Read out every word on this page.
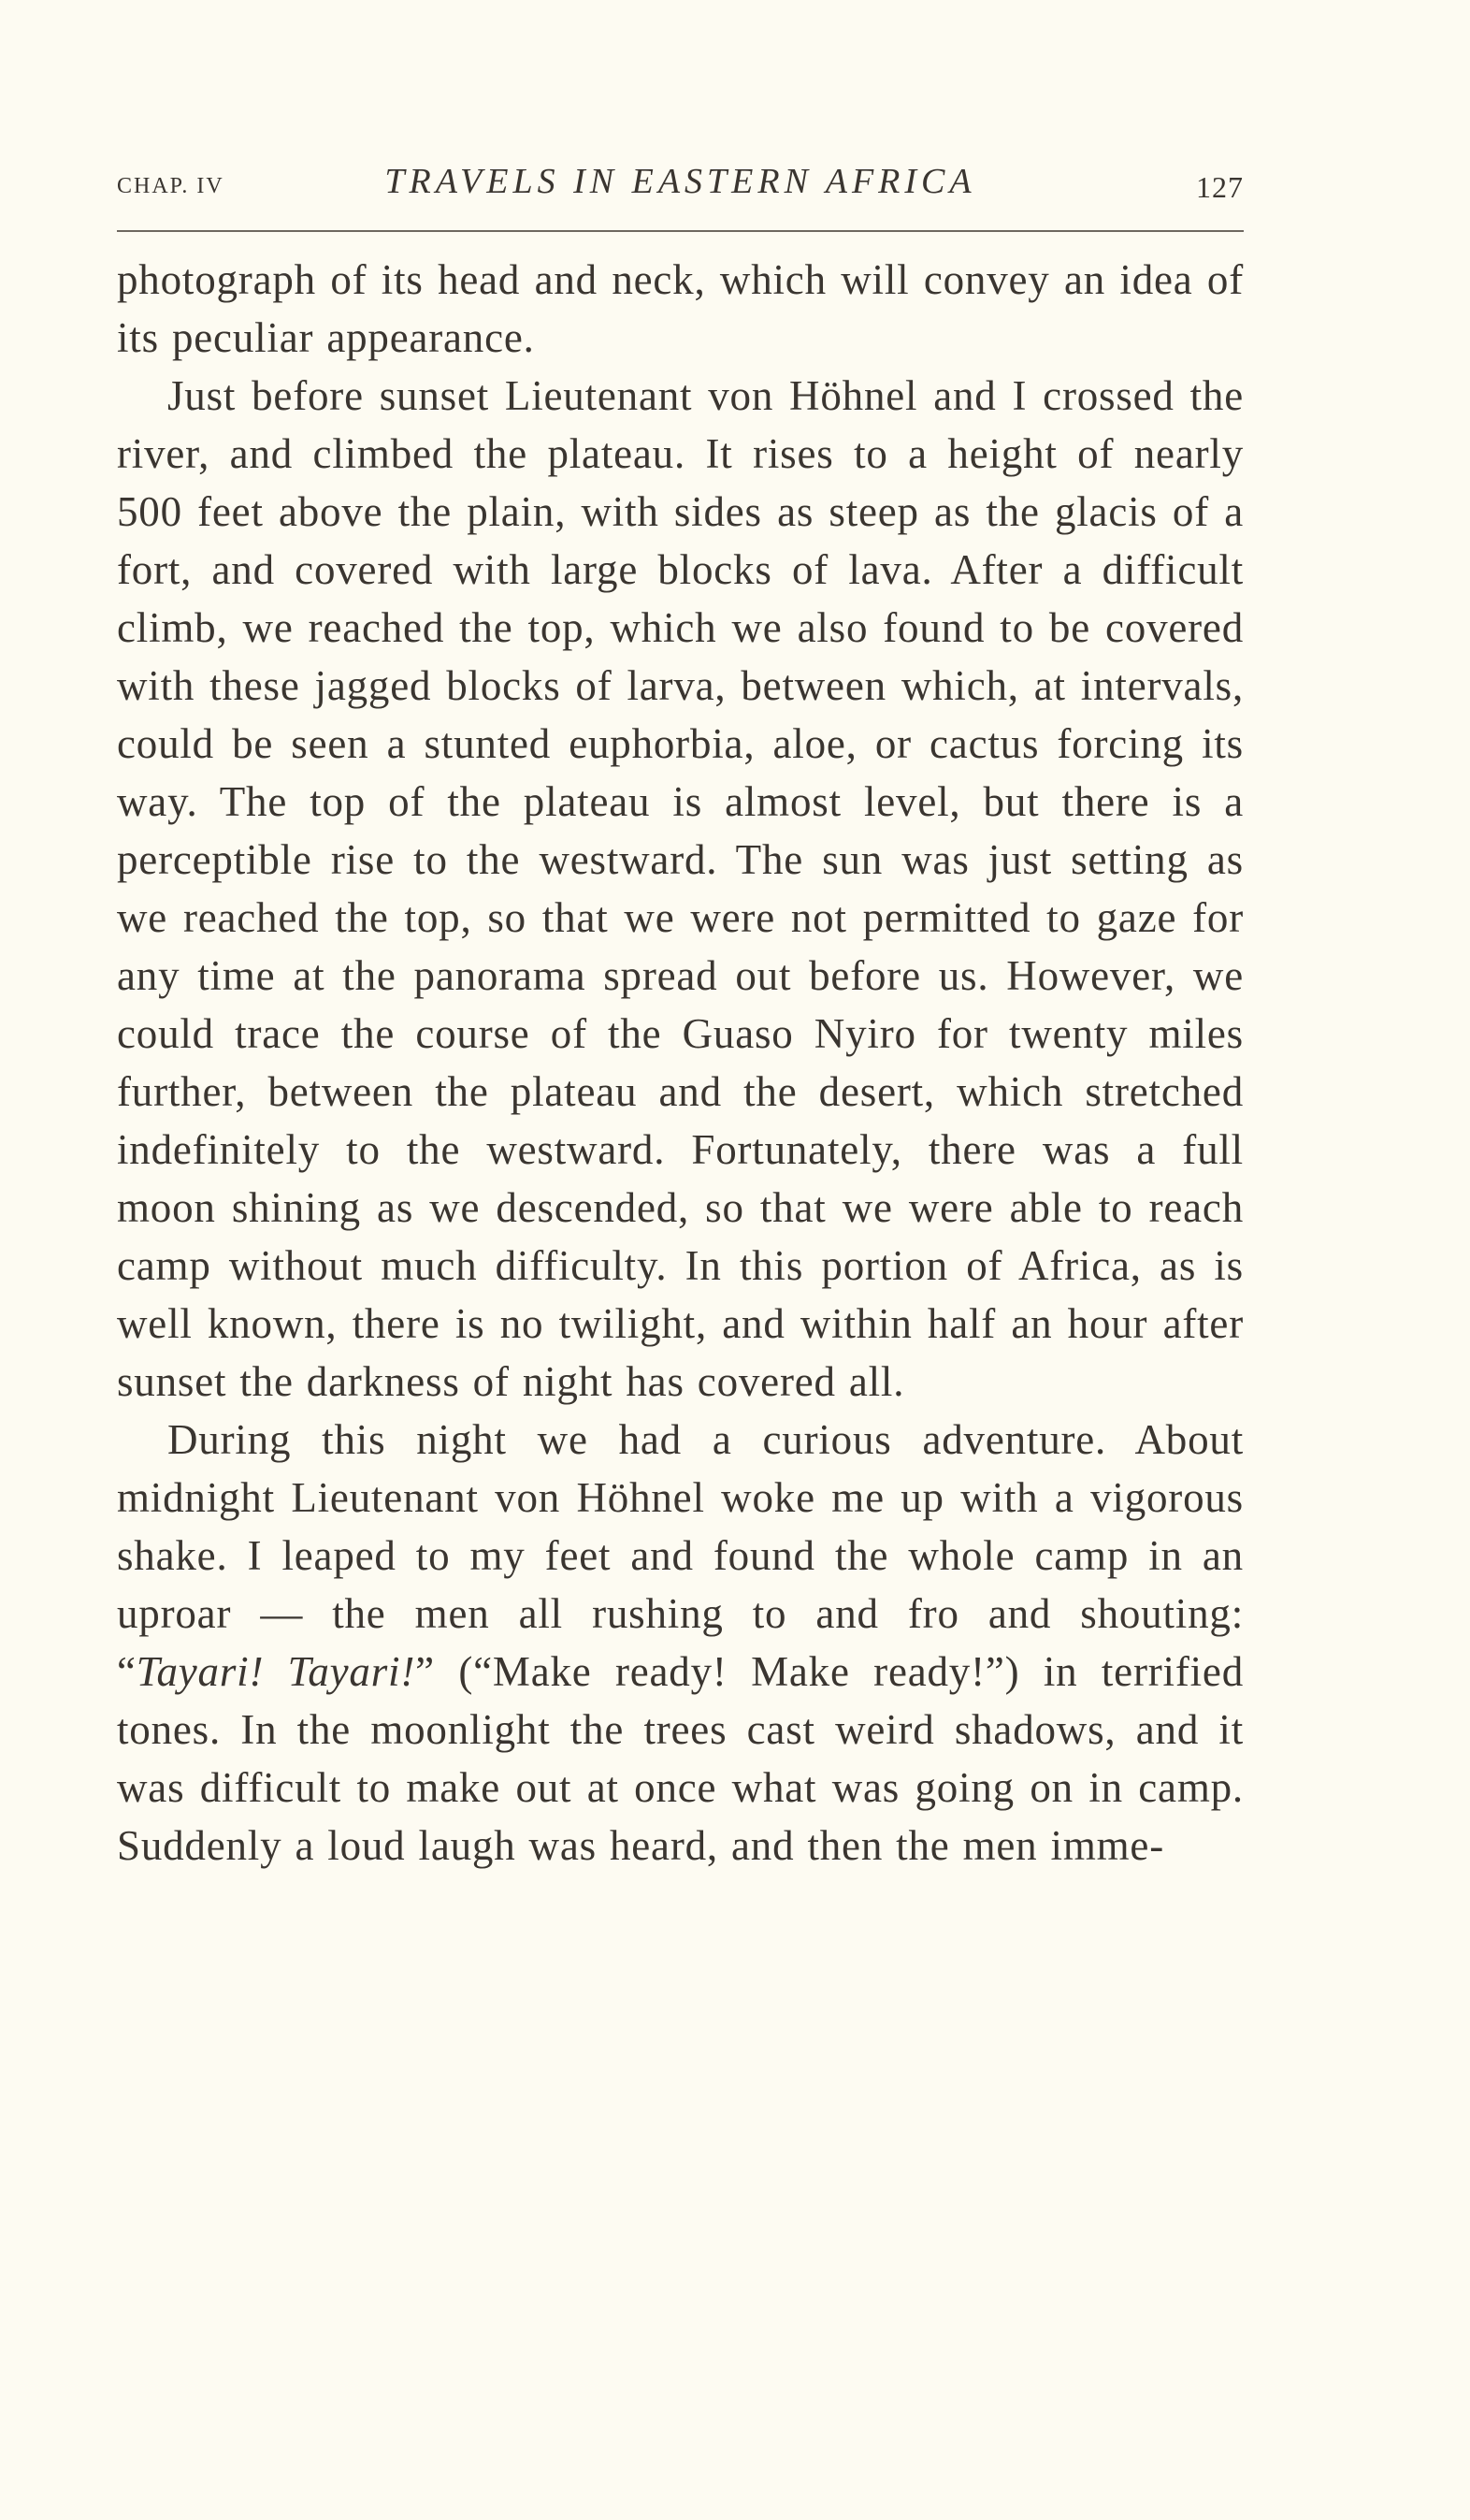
CHAP. IV	TRAVELS IN EASTERN AFRICA	127

photograph of its head and neck, which will convey an idea of its peculiar appearance.

Just before sunset Lieutenant von Höhnel and I crossed the river, and climbed the plateau. It rises to a height of nearly 500 feet above the plain, with sides as steep as the glacis of a fort, and covered with large blocks of lava. After a difficult climb, we reached the top, which we also found to be covered with these jagged blocks of larva, between which, at intervals, could be seen a stunted euphorbia, aloe, or cactus forcing its way. The top of the plateau is almost level, but there is a perceptible rise to the westward. The sun was just setting as we reached the top, so that we were not permitted to gaze for any time at the panorama spread out before us. However, we could trace the course of the Guaso Nyiro for twenty miles further, between the plateau and the desert, which stretched indefinitely to the westward. Fortunately, there was a full moon shining as we descended, so that we were able to reach camp without much difficulty. In this portion of Africa, as is well known, there is no twilight, and within half an hour after sunset the darkness of night has covered all.

During this night we had a curious adventure. About midnight Lieutenant von Höhnel woke me up with a vigorous shake. I leaped to my feet and found the whole camp in an uproar — the men all rushing to and fro and shouting: “Tayari! Tayari!” (“Make ready! Make ready!”) in terrified tones. In the moonlight the trees cast weird shadows, and it was difficult to make out at once what was going on in camp. Suddenly a loud laugh was heard, and then the men imme-
